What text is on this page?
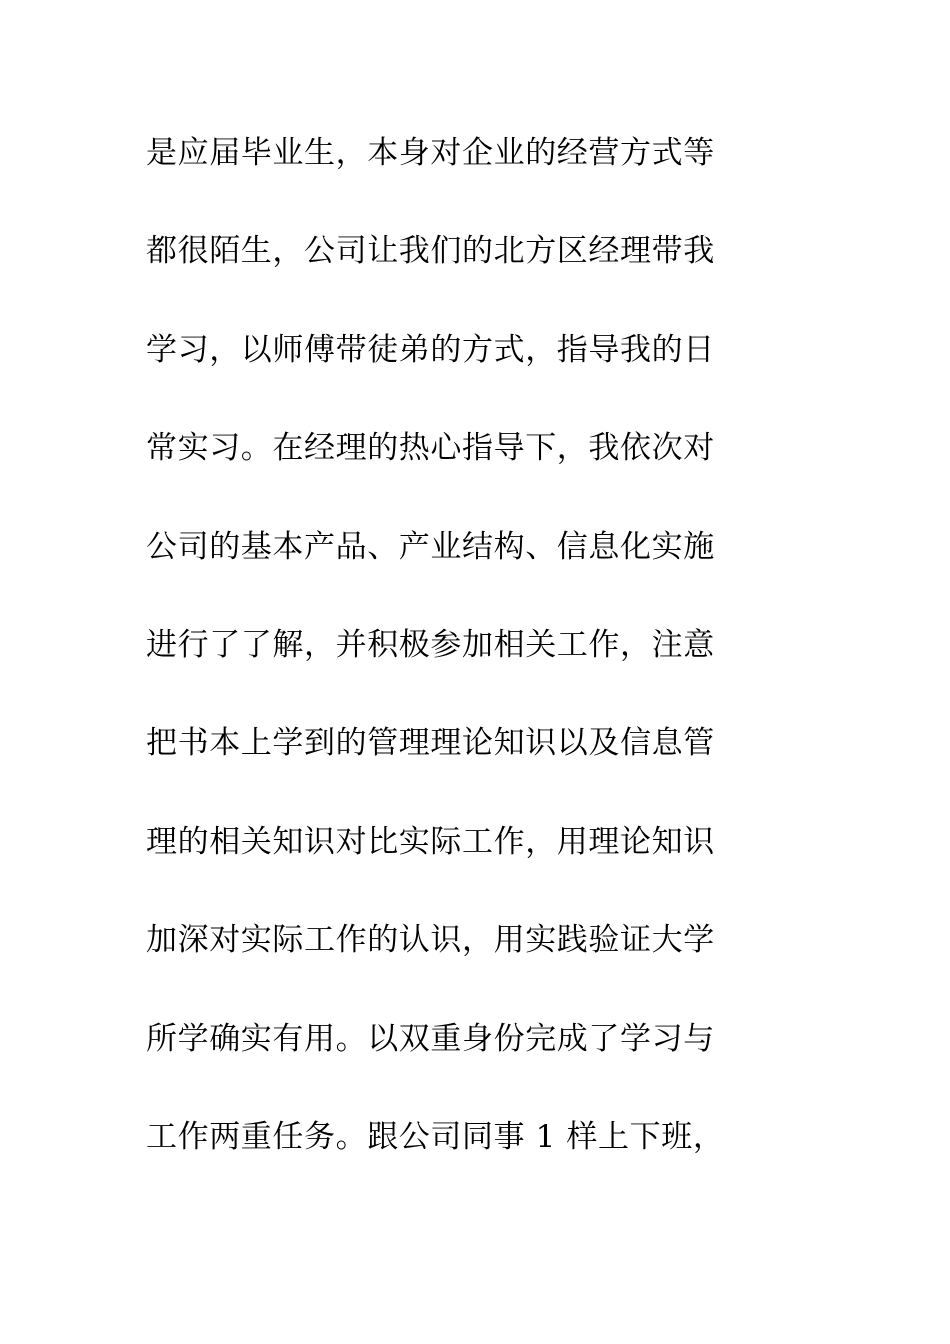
是应届毕业生，本身对企业的经营方式等
都很陌生，公司让我们的北方区经理带我
学习，以师傅带徒弟的方式，指导我的日
常实习。在经理的热心指导下，我依次对
公司的基本产品、产业结构、信息化实施
进行了了解，并积极参加相关工作，注意
把书本上学到的管理理论知识以及信息管
理的相关知识对比实际工作，用理论知识
加深对实际工作的认识，用实践验证大学
所学确实有用。以双重身份完成了学习与
工作两重任务。跟公司同事 1 样上下班，
